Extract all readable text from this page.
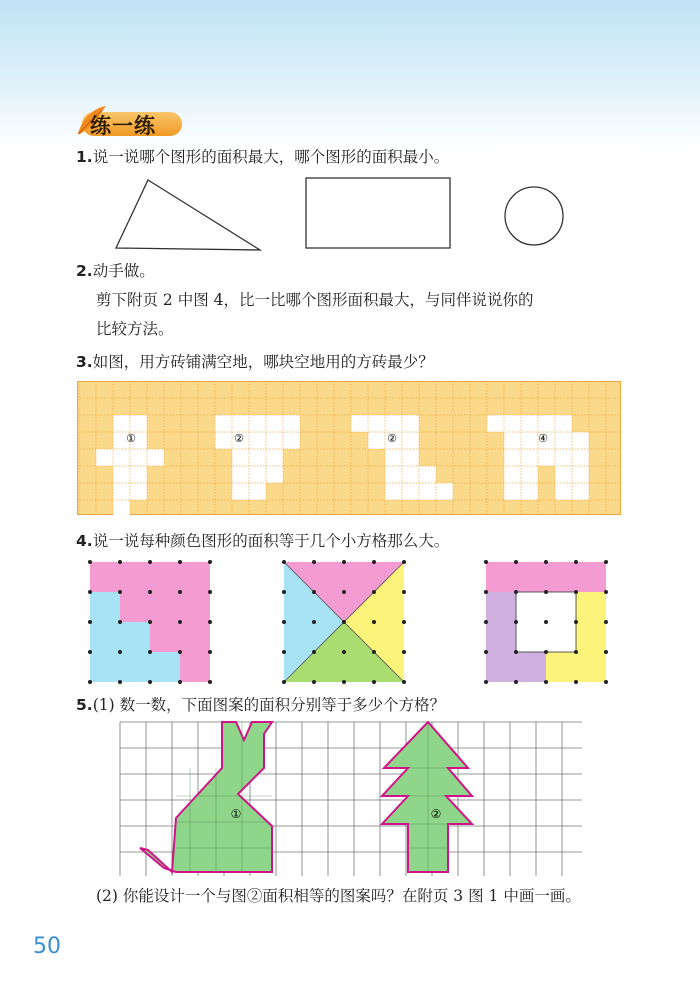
练一练
1.说一说哪个图形的面积最大，哪个图形的面积最小。
2.动手做。
剪下附页 2 中图 4，比一比哪个图形面积最大，与同伴说说你的
比较方法。
3.如图，用方砖铺满空地，哪块空地用的方砖最少？
①	②	②	④
4.说一说每种颜色图形的面积等于几个小方格那么大。
5.(1) 数一数，下面图案的面积分别等于多少个方格？
①	②
(2) 你能设计一个与图②面积相等的图案吗？在附页 3 图 1 中画一画。
50
